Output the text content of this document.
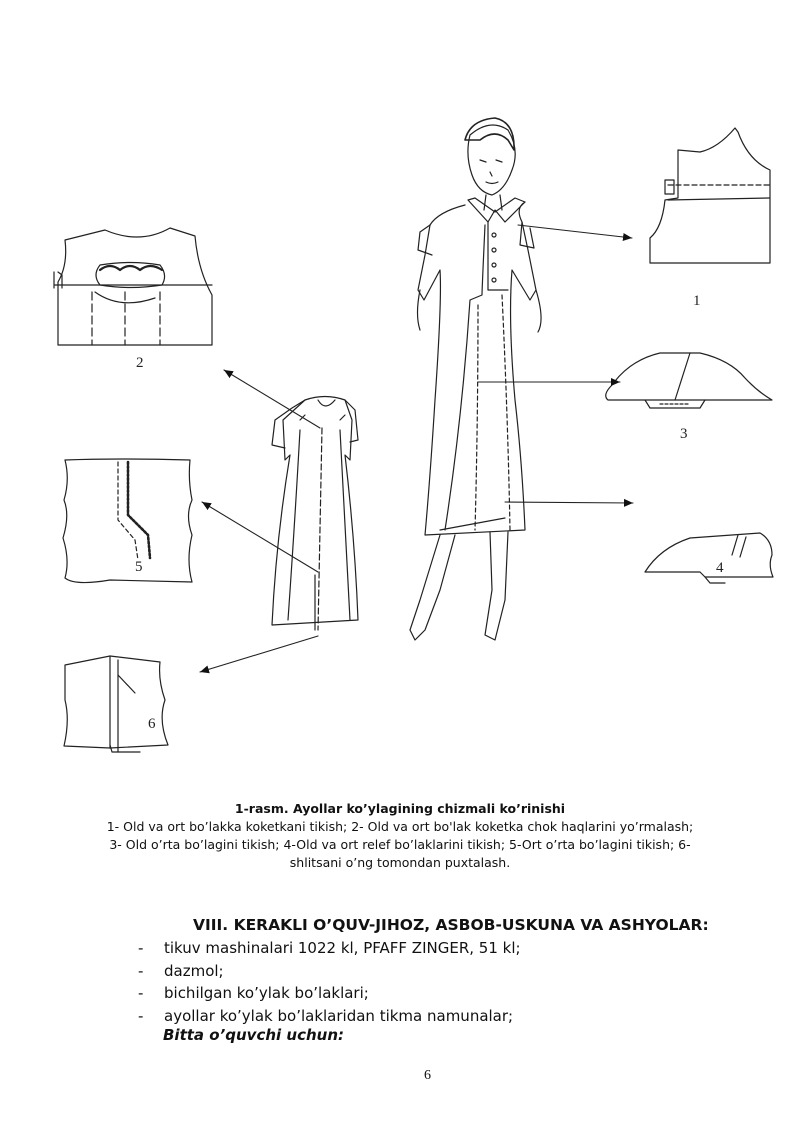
1
2
3
4
5
6
1-rasm. Ayollar ko’ylagining chizmali ko’rinishi
1- Old va ort bo’lakka koketkani tikish; 2- Old va ort bo'lak koketka chok haqlarini yo’rmalash; 3- Old o’rta bo’lagini tikish; 4-Old va ort relef bo’laklarini tikish; 5-Ort o’rta bo’lagini tikish; 6-shlitsani o’ng tomondan puxtalash.
VIII. KERAKLI O’QUV-JIHOZ, ASBOB-USKUNA VA ASHYOLAR:
- tikuv mashinalari 1022 kl, PFAFF ZINGER, 51 kl;
- dazmol;
- bichilgan ko’ylak bo’laklari;
- ayollar ko’ylak bo’laklaridan tikma namunalar;
Bitta o’quvchi uchun:
6
